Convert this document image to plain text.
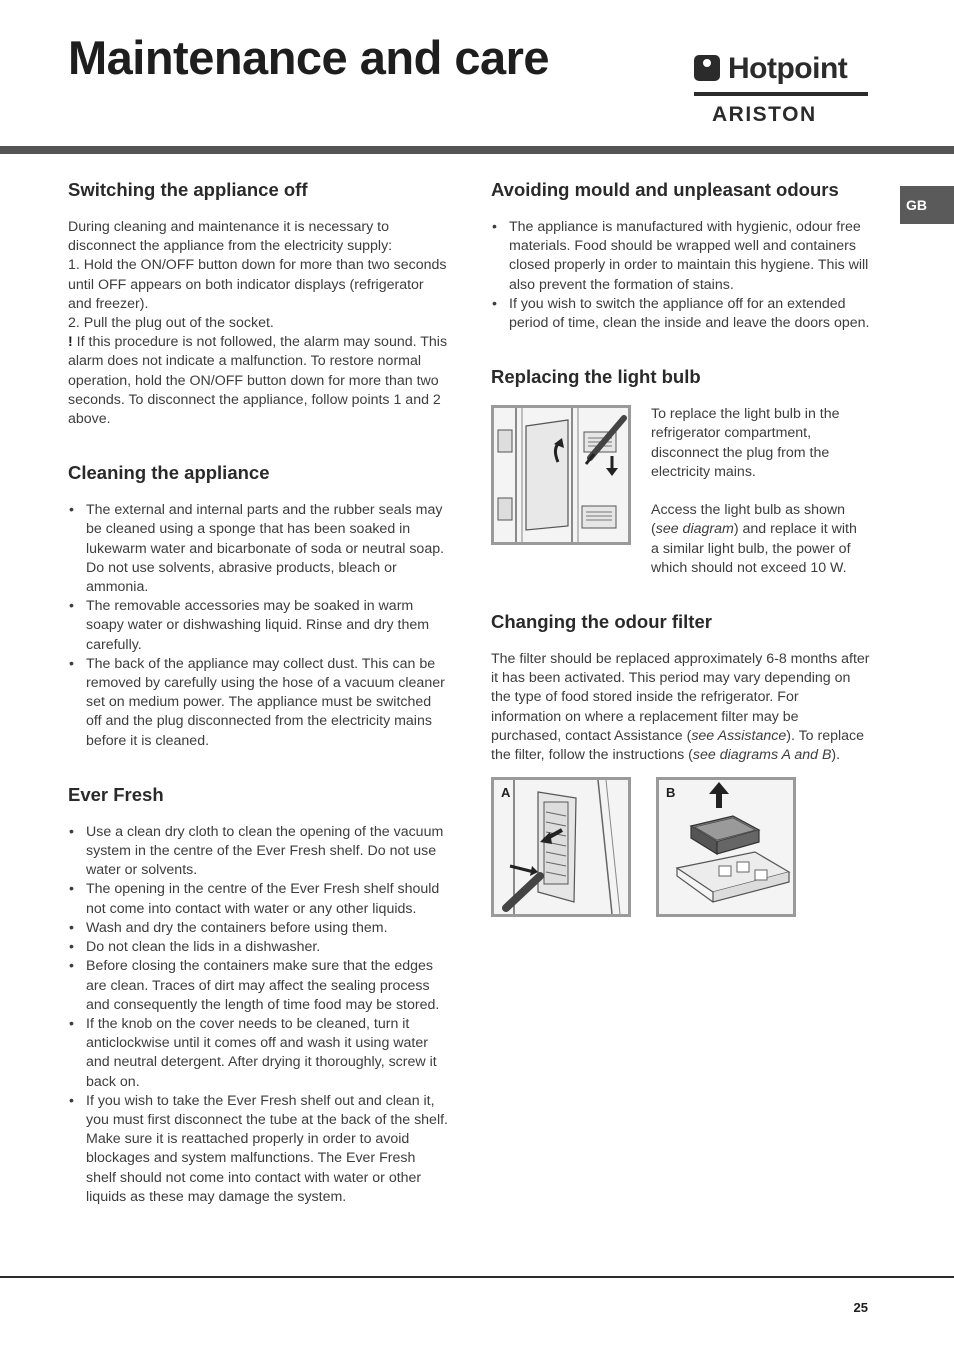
Maintenance and care	Hotpoint
ARISTON
GB
Switching the appliance off

During cleaning and maintenance it is necessary to disconnect the appliance from the electricity supply:
1. Hold the ON/OFF button down for more than two seconds until OFF appears on both indicator displays (refrigerator and freezer).
2. Pull the plug out of the socket.
! If this procedure is not followed, the alarm may sound. This alarm does not indicate a malfunction. To restore normal operation, hold the ON/OFF button down for more than two seconds. To disconnect the appliance, follow points 1 and 2 above.

Cleaning the appliance
• The external and internal parts and the rubber seals may be cleaned using a sponge that has been soaked in lukewarm water and bicarbonate of soda or neutral soap. Do not use solvents, abrasive products, bleach or ammonia.
• The removable accessories may be soaked in warm soapy water or dishwashing liquid. Rinse and dry them carefully.
• The back of the appliance may collect dust. This can be removed by carefully using the hose of a vacuum cleaner set on medium power. The appliance must be switched off and the plug disconnected from the electricity mains before it is cleaned.
Ever Fresh
• Use a clean dry cloth to clean the opening of the vacuum system in the centre of the Ever Fresh shelf. Do not use water or solvents.
• The opening in the centre of the Ever Fresh shelf should not come into contact with water or any other liquids.
• Wash and dry the containers before using them.
• Do not clean the lids in a dishwasher.
• Before closing the containers make sure that the edges are clean. Traces of dirt may affect the sealing process and consequently the length of time food may be stored.
• If the knob on the cover needs to be cleaned, turn it anticlockwise until it comes off and wash it using water and neutral detergent. After drying it thoroughly, screw it back on.
• If you wish to take the Ever Fresh shelf out and clean it, you must first disconnect the tube at the back of the shelf. Make sure it is reattached properly in order to avoid blockages and system malfunctions. The Ever Fresh shelf should not come into contact with water or other liquids as these may damage the system.
Avoiding mould and unpleasant odours
• The appliance is manufactured with hygienic, odour free materials. Food should be wrapped well and containers closed properly in order to maintain this hygiene. This will also prevent the formation of stains.
• If you wish to switch the appliance off for an extended period of time, clean the inside and leave the doors open.
Replacing the light bulb

To replace the light bulb in the refrigerator compartment, disconnect the plug from the electricity mains.

Access the light bulb as shown (see diagram) and replace it with a similar light bulb, the power of which should not exceed 10 W.

Changing the odour filter

The filter should be replaced approximately 6-8 months after it has been activated. This period may vary depending on the type of food stored inside the refrigerator. For information on where a replacement filter may be purchased, contact Assistance (see Assistance). To replace the filter, follow the instructions (see diagrams A and B).

A	B
25
